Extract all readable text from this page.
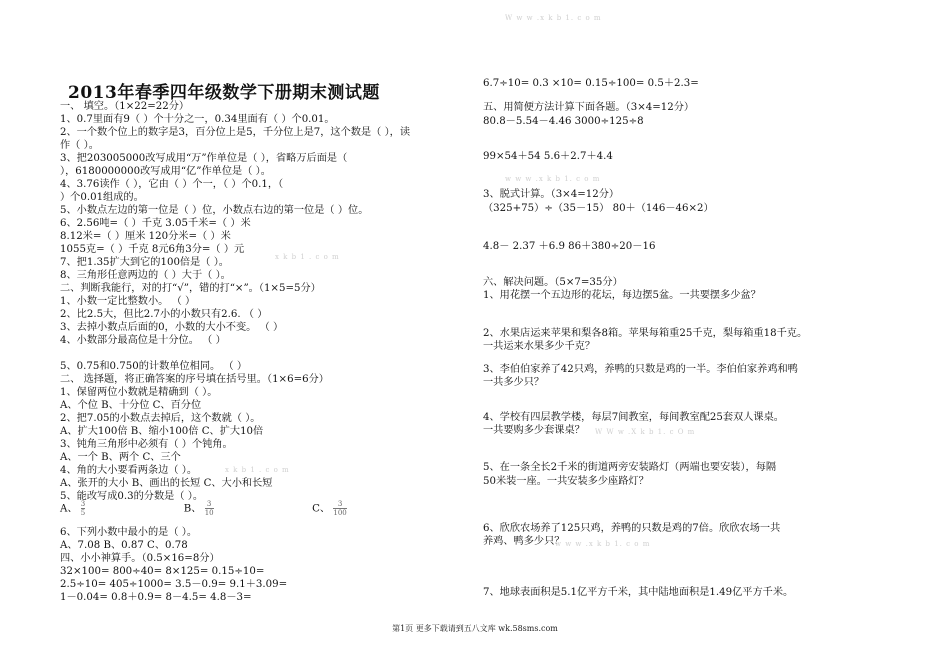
2013年春季四年级数学下册期末测试题
一、 填空。（1×22=22分）
1、0.7里面有9（ ）个十分之一，0.34里面有（ ）个0.01。
2、一个数个位上的数字是3，百分位上是5，千分位上是7，这个数是（ ），读
作（ ）。
3、把203005000改写成用“万”作单位是（ ），省略万后面是（
），6180000000改写成用“亿”作单位是（ ）。
4、3.76读作（ ），它由（ ）个一，（ ）个0.1，（
）个0.01组成的。
5、小数点左边的第一位是（ ）位，小数点右边的第一位是（ ）位。
6、2.56吨=（ ）千克 3.05千米=（ ）米
8.12米=（ ）厘米 120分米=（ ）米
1055克=（ ）千克 8元6角3分=（ ）元
7、把1.35扩大到它的100倍是（ ）。
8、三角形任意两边的（ ）大于（ ）。
二、判断我能行，对的打“√”，错的打“×”。（1×5=5分）
1、小数一定比整数小。 （ ）
2、比2.5大，但比2.7小的小数只有2.6. （ ）
3、去掉小数点后面的0，小数的大小不变。 （ ）
4、小数部分最高位是十分位。 （ ）
5、0.75和0.750的计数单位相同。 （ ）
二、 选择题，将正确答案的序号填在括号里。（1×6=6分）
1、保留两位小数就是精确到（ ）。
A、个位 B、十分位 C、百分位
2、把7.05的小数点去掉后，这个数就（ ）。
A、扩大100倍 B、缩小100倍 C、扩大10倍
3、钝角三角形中必须有（ ）个钝角。
A、一个 B、两个 C、三个
4、角的大小要看两条边（ ）。
A、张开的大小 B、画出的长短 C、大小和长短
5、能改写成0.3的分数是（ ）。
A、 $\frac{3}{5}$	B、 $\frac{3}{10}$	C、 $\frac{3}{100}$
6、下列小数中最小的是（ ）。
A、7.08 B、0.87 C、0.78
四、小小神算手。（0.5×16=8分）
32×100= 800÷40= 8×125= 0.15÷10=
2.5÷10= 405÷1000= 3.5－0.9= 9.1＋3.09=
1－0.04= 0.8＋0.9= 8－4.5= 4.8－3=
6.7÷10= 0.3 ×10= 0.15÷100= 0.5＋2.3=
五、用简便方法计算下面各题。（3×4=12分）
80.8－5.54－4.46 3000÷125÷8
99×54＋54 5.6＋2.7＋4.4
3、脱式计算。（3×4=12分）
（325+75）÷（35－15） 80＋（146－46×2）
4.8－ 2.37 ＋6.9 86＋380÷20－16
六、解决问题。（5×7=35分）
1、用花摆一个五边形的花坛，每边摆5盆。一共要摆多少盆？
2、水果店运来苹果和梨各8箱。苹果每箱重25千克，梨每箱重18千克。
一共运来水果多少千克？
3、李伯伯家养了42只鸡，养鸭的只数是鸡的一半。李伯伯家养鸡和鸭
一共多少只？
4、学校有四层教学楼，每层7间教室，每间教室配25套双人课桌。
一共要购多少套课桌？
5、在一条全长2千米的街道两旁安装路灯（两端也要安装），每隔
50米装一座。一共安装多少座路灯？
6、欣欣农场养了125只鸡，养鸭的只数是鸡的7倍。欣欣农场一共
养鸡、鸭多少只？
7、地球表面积是5.1亿平方千米，其中陆地面积是1.49亿平方千米。
第1页 更多下载请到五八文库 wk.58sms.com
W w w .x k b 1. c o m
x k b 1 . c o m
w w w .x k b 1. c o m
x k b 1 . c o m
W W w .X k b 1. c O m
w w w .x k b 1. c o m
